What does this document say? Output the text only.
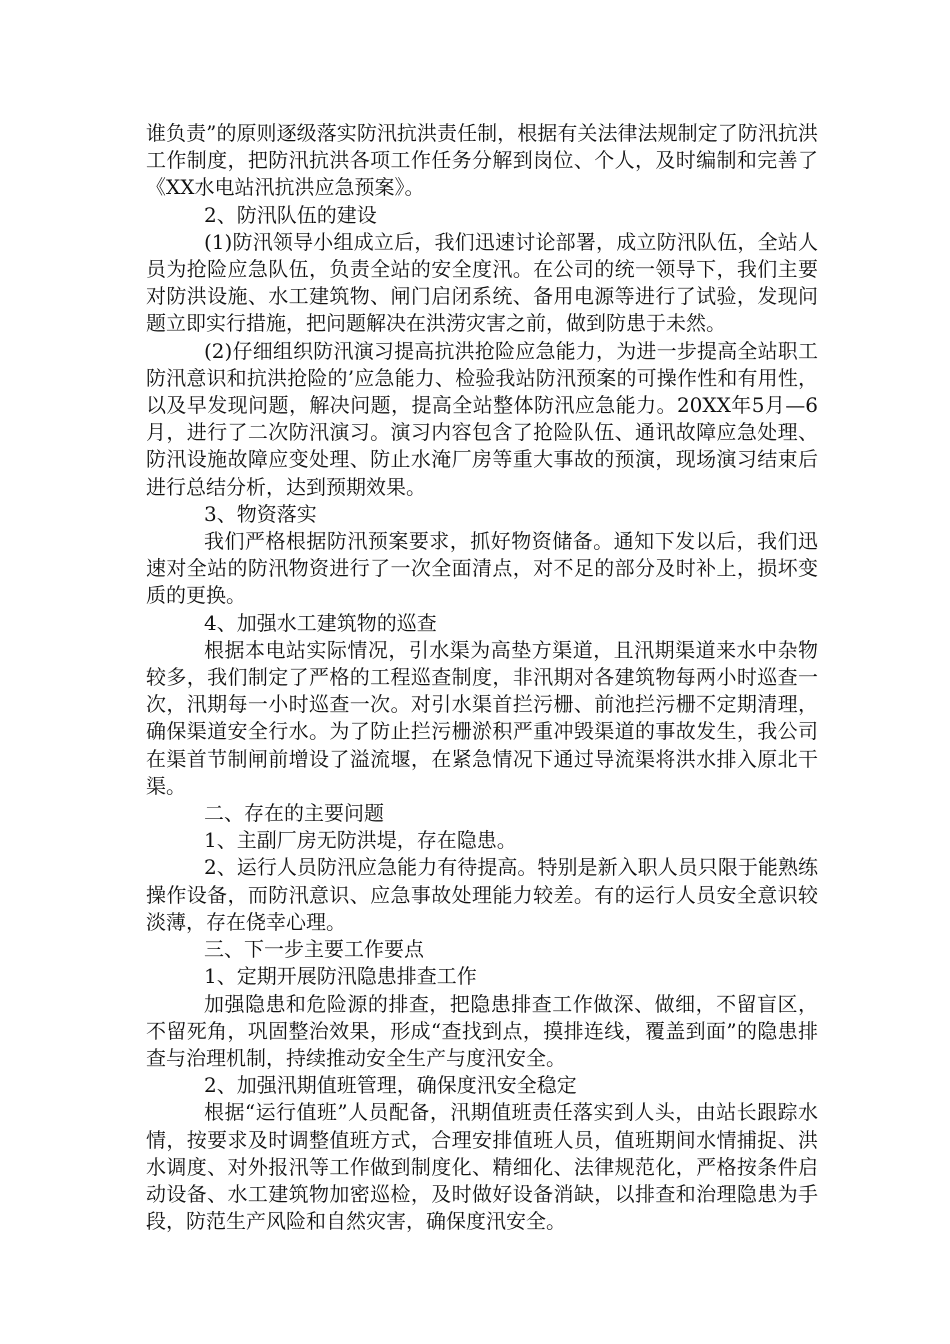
谁负责”的原则逐级落实防汛抗洪责任制，根据有关法律法规制定了防汛抗洪工作制度，把防汛抗洪各项工作任务分解到岗位、个人，及时编制和完善了《XX水电站汛抗洪应急预案》。

2、防汛队伍的建设

(1)防汛领导小组成立后，我们迅速讨论部署，成立防汛队伍，全站人员为抢险应急队伍，负责全站的安全度汛。在公司的统一领导下，我们主要对防洪设施、水工建筑物、闸门启闭系统、备用电源等进行了试验，发现问题立即实行措施，把问题解决在洪涝灾害之前，做到防患于未然。

(2)仔细组织防汛演习提高抗洪抢险应急能力，为进一步提高全站职工防汛意识和抗洪抢险的’应急能力、检验我站防汛预案的可操作性和有用性，以及早发现问题，解决问题，提高全站整体防汛应急能力。20XX年5月—6月，进行了二次防汛演习。演习内容包含了抢险队伍、通讯故障应急处理、防汛设施故障应变处理、防止水淹厂房等重大事故的预演，现场演习结束后进行总结分析，达到预期效果。

3、物资落实

我们严格根据防汛预案要求，抓好物资储备。通知下发以后，我们迅速对全站的防汛物资进行了一次全面清点，对不足的部分及时补上，损坏变质的更换。

4、加强水工建筑物的巡查

根据本电站实际情况，引水渠为高垫方渠道，且汛期渠道来水中杂物较多，我们制定了严格的工程巡查制度，非汛期对各建筑物每两小时巡查一次，汛期每一小时巡查一次。对引水渠首拦污栅、前池拦污栅不定期清理，确保渠道安全行水。为了防止拦污栅淤积严重冲毁渠道的事故发生，我公司在渠首节制闸前增设了溢流堰，在紧急情况下通过导流渠将洪水排入原北干渠。

二、存在的主要问题

1、主副厂房无防洪堤，存在隐患。

2、运行人员防汛应急能力有待提高。特别是新入职人员只限于能熟练操作设备，而防汛意识、应急事故处理能力较差。有的运行人员安全意识较淡薄，存在侥幸心理。

三、下一步主要工作要点

1、定期开展防汛隐患排查工作

加强隐患和危险源的排查，把隐患排查工作做深、做细，不留盲区，不留死角，巩固整治效果，形成“查找到点，摸排连线，覆盖到面”的隐患排查与治理机制，持续推动安全生产与度汛安全。

2、加强汛期值班管理，确保度汛安全稳定

根据“运行值班”人员配备，汛期值班责任落实到人头，由站长跟踪水情，按要求及时调整值班方式，合理安排值班人员，值班期间水情捕捉、洪水调度、对外报汛等工作做到制度化、精细化、法律规范化，严格按条件启动设备、水工建筑物加密巡检，及时做好设备消缺，以排查和治理隐患为手段，防范生产风险和自然灾害，确保度汛安全。
